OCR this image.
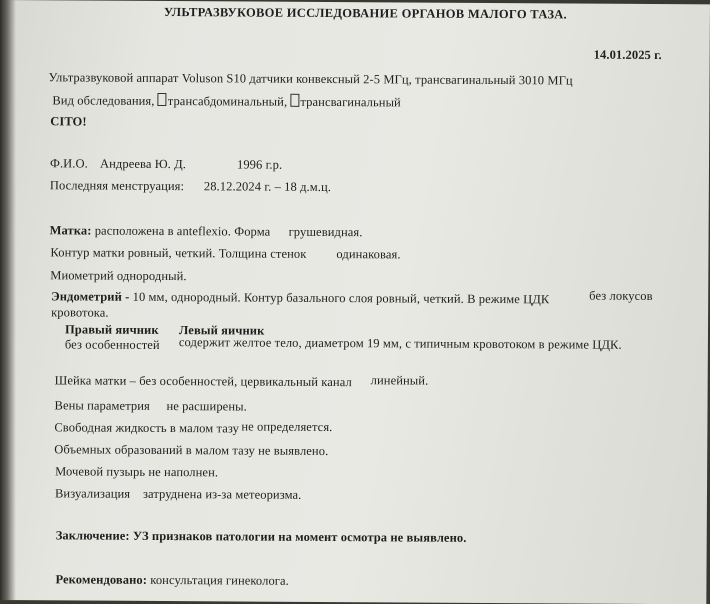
УЛЬТРАЗВУКОВОЕ ИССЛЕДОВАНИЕ ОРГАНОВ МАЛОГО ТАЗА.
14.01.2025 г.
Ультразвуковой аппарат Voluson S10 датчики конвексный 2-5 МГц, трансвагинальный 3010 МГц
Вид обследования, трансабдоминальный, трансвагинальный
CITO!
Ф.И.О. Андреева Ю. Д.	1996 г.р.
Последняя менструация: 28.12.2024 г. – 18 д.м.ц.
Матка: расположена в anteflexio. Форма грушевидная.
Контур матки ровный, четкий. Толщина стенок одинаковая.
Миометрий однородный.
Эндометрий - 10 мм, однородный. Контур базального слоя ровный, четкий. В режиме ЦДК	без локусов
кровотока.
Правый яичник Левый яичник
без особенностей содержит желтое тело, диаметром 19 мм, с типичным кровотоком в режиме ЦДК.
Шейка матки – без особенностей, цервикальный канал линейный.
Вены параметрия не расширены.
Свободная жидкость в малом тазу не определяется.
Объемных образований в малом тазу не выявлено.
Мочевой пузырь не наполнен.
Визуализация затруднена из-за метеоризма.
Заключение: УЗ признаков патологии на момент осмотра не выявлено.
Рекомендовано: консультация гинеколога.
